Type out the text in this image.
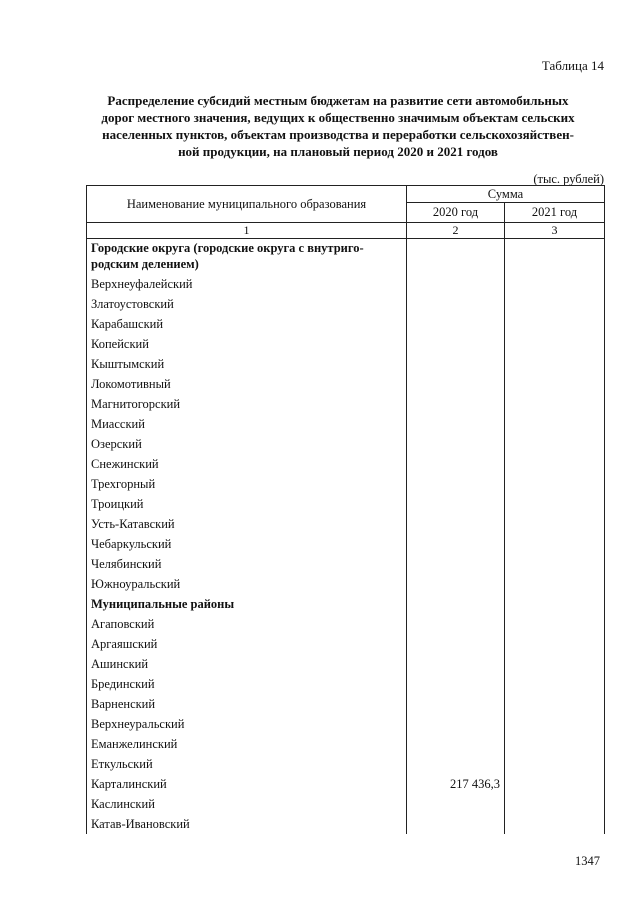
Таблица 14
Распределение субсидий местным бюджетам на развитие сети автомобильных
дорог местного значения, ведущих к общественно значимым объектам сельских
населенных пунктов, объектам производства и переработки сельскохозяйствен-
ной продукции, на плановый период 2020 и 2021 годов
(тыс. рублей)
Наименование муниципального образования	Сумма	
	2020 год	2021 год
1	2	3

Городские округа (городские округа с внутриго-
родским делением)		

Верхнеуфалейский		
Златоустовский		
Карабашский		
Копейский		
Кыштымский		
Локомотивный		
Магнитогорский		
Миасский		
Озерский		
Снежинский		
Трехгорный		
Троицкий		
Усть-Катавский		
Чебаркульский		
Челябинский		
Южноуральский		
Муниципальные районы		
Агаповский		
Аргаяшский		
Ашинский		
Брединский		
Варненский		
Верхнеуральский		
Еманжелинский		
Еткульский		
Карталинский	217 436,3	
Каслинский		
Катав-Ивановский		
1347
